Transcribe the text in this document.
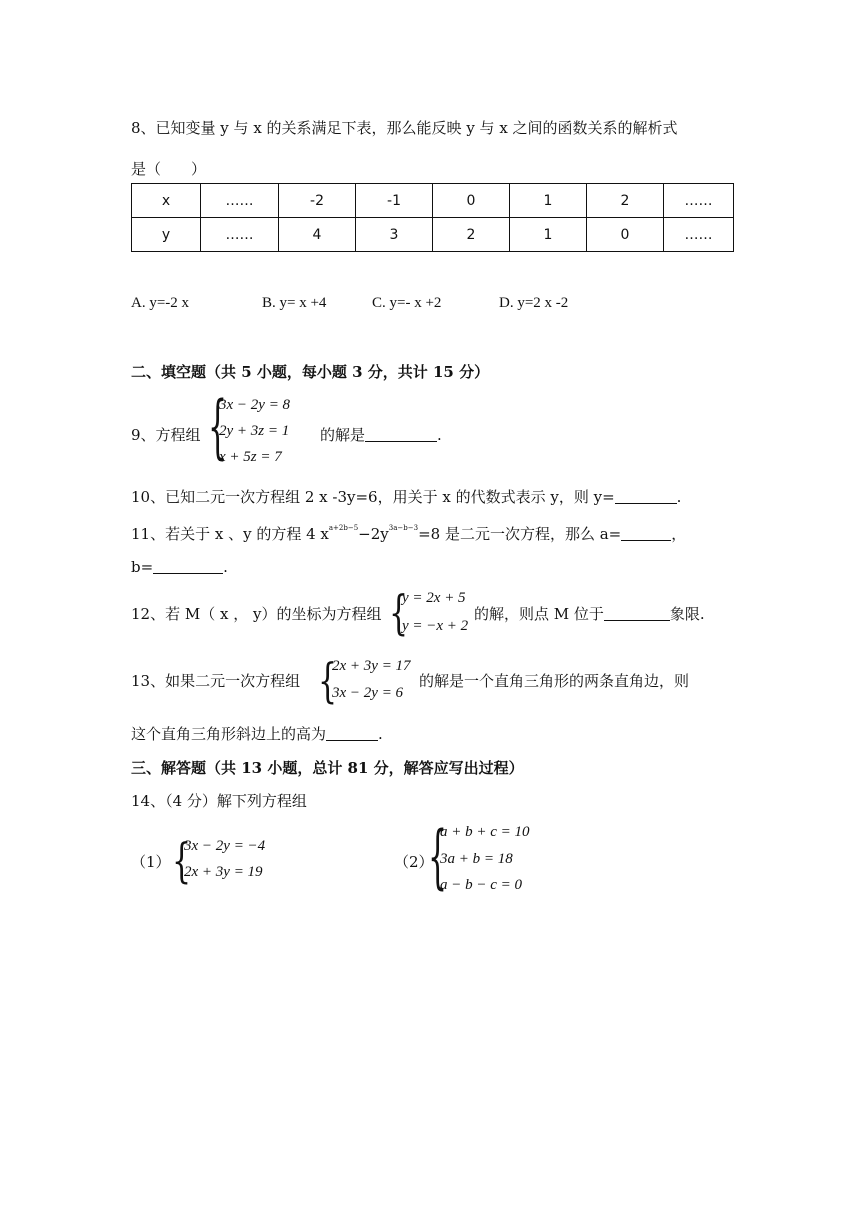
8、已知变量 y 与 x 的关系满足下表，那么能反映 y 与 x 之间的函数关系的解析式
是（　　）
x	……	-2	-1	0	1	2	……
y	……	4	3	2	1	0	……
A. y=-2 x	B. y= x +4	C. y=- x +2	D. y=2 x -2
二、填空题（共 5 小题，每小题 3 分，共计 15 分）
9、方程组 {
3x − 2y = 8
2y + 3z = 1
x + 5z = 7
的解是	.
10、已知二元一次方程组 2 x -3y=6，用关于 x 的代数式表示 y，则 y=	.
11、若关于 x 、y 的方程 4 $x^{a+2b-5}-2y^{3a-b-3}=8$ 是二元一次方程，那么 a=	，
b=	.
12、若 M（ x ， y）的坐标为方程组 {
y = 2x + 5
y = −x + 2
的解，则点 M 位于	象限.
13、如果二元一次方程组 {
2x + 3y = 17
3x − 2y = 6
的解是一个直角三角形的两条直角边，则
这个直角三角形斜边上的高为	.
三、解答题（共 13 小题，总计 81 分，解答应写出过程）
14、（4 分）解下列方程组
（1） {
3x − 2y = −4
2x + 3y = 19
（2）
{
a + b + c = 10
3a + b = 18
a − b − c = 0
